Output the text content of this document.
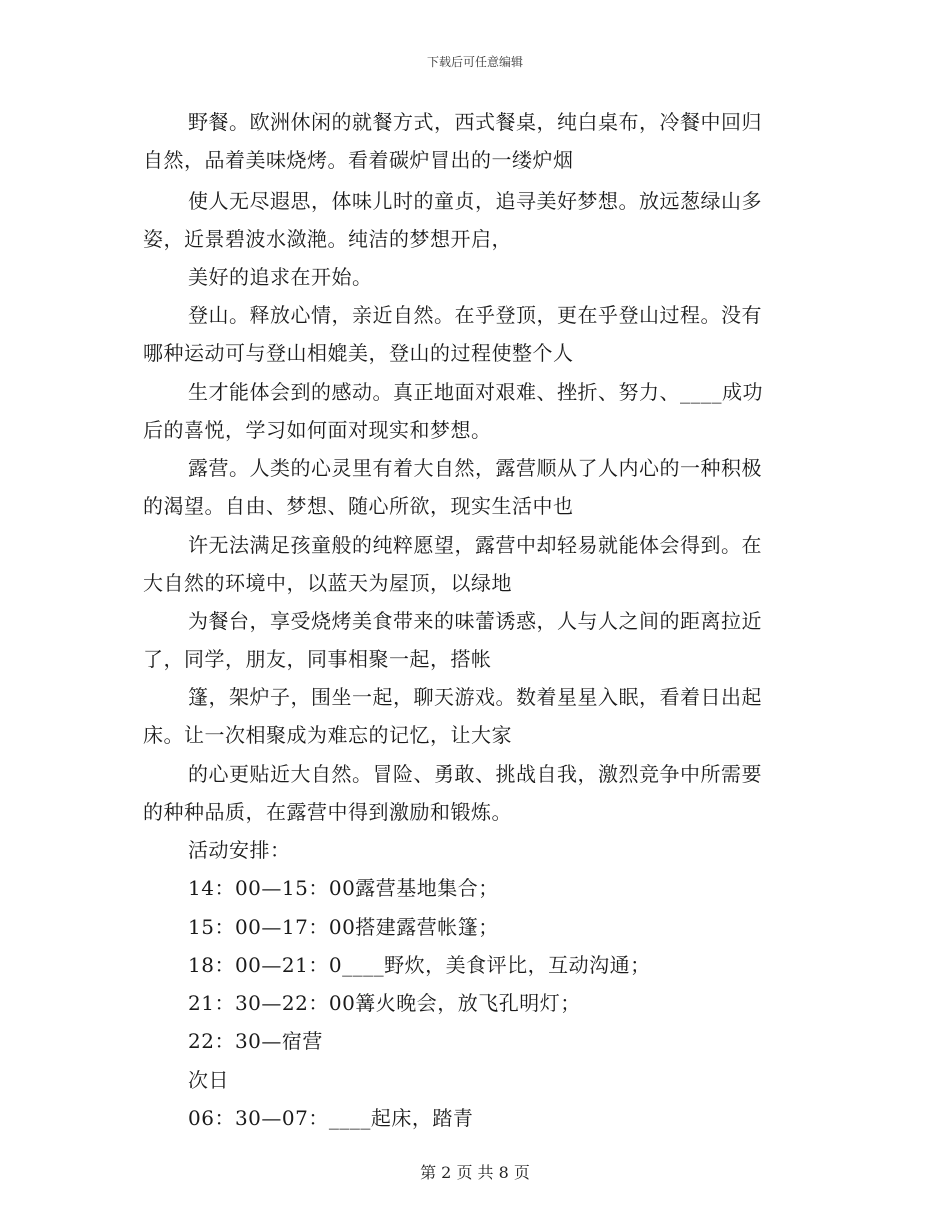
下载后可任意编辑
野餐。欧洲休闲的就餐方式，西式餐桌，纯白桌布，冷餐中回归
自然，品着美味烧烤。看着碳炉冒出的一缕炉烟
使人无尽遐思，体味儿时的童贞，追寻美好梦想。放远葱绿山多
姿，近景碧波水潋滟。纯洁的梦想开启，
美好的追求在开始。
登山。释放心情，亲近自然。在乎登顶，更在乎登山过程。没有
哪种运动可与登山相媲美，登山的过程使整个人
生才能体会到的感动。真正地面对艰难、挫折、努力、____成功
后的喜悦，学习如何面对现实和梦想。
露营。人类的心灵里有着大自然，露营顺从了人内心的一种积极
的渴望。自由、梦想、随心所欲，现实生活中也
许无法满足孩童般的纯粹愿望，露营中却轻易就能体会得到。在
大自然的环境中，以蓝天为屋顶，以绿地
为餐台，享受烧烤美食带来的味蕾诱惑，人与人之间的距离拉近
了，同学，朋友，同事相聚一起，搭帐
篷，架炉子，围坐一起，聊天游戏。数着星星入眠，看着日出起
床。让一次相聚成为难忘的记忆，让大家
的心更贴近大自然。冒险、勇敢、挑战自我，激烈竞争中所需要
的种种品质，在露营中得到激励和锻炼。
活动安排：
14：00—15：00露营基地集合；
15：00—17：00搭建露营帐篷；
18：00—21：0____野炊，美食评比，互动沟通；
21：30—22：00篝火晚会，放飞孔明灯；
22：30—宿营
次日
06：30—07：____起床，踏青
第 2 页 共 8 页
